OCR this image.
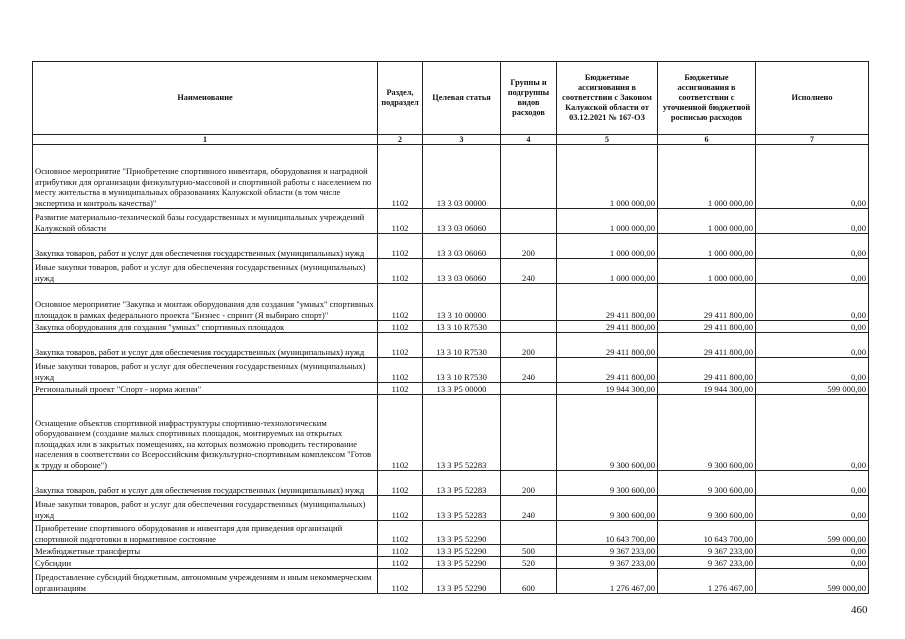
Наименование	Раздел, подраздел	Целевая статья	Группы и подгруппы видов расходов	Бюджетные ассигнования в соответствии с Законом Калужской области от 03.12.2021 № 167-ОЗ	Бюджетные ассигнования в соответствии с уточненной бюджетной росписью расходов	Исполнено
1	2	3	4	5	6	7
Основное мероприятие "Приобретение спортивного инвентаря, оборудования и наградной атрибутики для организации физкультурно-массовой и спортивной работы с населением по месту жительства в муниципальных образованиях Калужской области (в том числе экспертиза и контроль качества)"	1102	13 3 03 00000		1 000 000,00	1 000 000,00	0,00
Развитие материально-технической базы государственных и муниципальных учреждений Калужской области	1102	13 3 03 06060		1 000 000,00	1 000 000,00	0,00
Закупка товаров, работ и услуг для обеспечения государственных (муниципальных) нужд	1102	13 3 03 06060	200	1 000 000,00	1 000 000,00	0,00
Иные закупки товаров, работ и услуг для обеспечения государственных (муниципальных) нужд	1102	13 3 03 06060	240	1 000 000,00	1 000 000,00	0,00
Основное мероприятие "Закупка и монтаж оборудования для создания "умных" спортивных площадок в рамках федерального проекта "Бизнес - спринт (Я выбираю спорт)"	1102	13 3 10 00000		29 411 800,00	29 411 800,00	0,00
Закупка оборудования для создания "умных" спортивных площадок	1102	13 3 10 R7530		29 411 800,00	29 411 800,00	0,00
Закупка товаров, работ и услуг для обеспечения государственных (муниципальных) нужд	1102	13 3 10 R7530	200	29 411 800,00	29 411 800,00	0,00
Иные закупки товаров, работ и услуг для обеспечения государственных (муниципальных) нужд	1102	13 3 10 R7530	240	29 411 800,00	29 411 800,00	0,00
Региональный проект "Спорт - норма жизни"	1102	13 3 P5 00000		19 944 300,00	19 944 300,00	599 000,00
Оснащение объектов спортивной инфраструктуры спортивно-технологическим оборудованием (создание малых спортивных площадок, монтируемых на открытых площадках или в закрытых помещениях, на которых возможно проводить тестирование населения в соответствии со Всероссийским физкультурно-спортивным комплексом "Готов к труду и обороне")	1102	13 3 P5 52283		9 300 600,00	9 300 600,00	0,00
Закупка товаров, работ и услуг для обеспечения государственных (муниципальных) нужд	1102	13 3 P5 52283	200	9 300 600,00	9 300 600,00	0,00
Иные закупки товаров, работ и услуг для обеспечения государственных (муниципальных) нужд	1102	13 3 P5 52283	240	9 300 600,00	9 300 600,00	0,00
Приобретение спортивного оборудования и инвентаря для приведения организаций спортивной подготовки в нормативное состояние	1102	13 3 P5 52290		10 643 700,00	10 643 700,00	599 000,00
Межбюджетные трансферты	1102	13 3 P5 52290	500	9 367 233,00	9 367 233,00	0,00
Субсидии	1102	13 3 P5 52290	520	9 367 233,00	9 367 233,00	0,00
Предоставление субсидий бюджетным, автономным учреждениям и иным некоммерческим организациям	1102	13 3 P5 52290	600	1 276 467,00	1 276 467,00	599 000,00
460
